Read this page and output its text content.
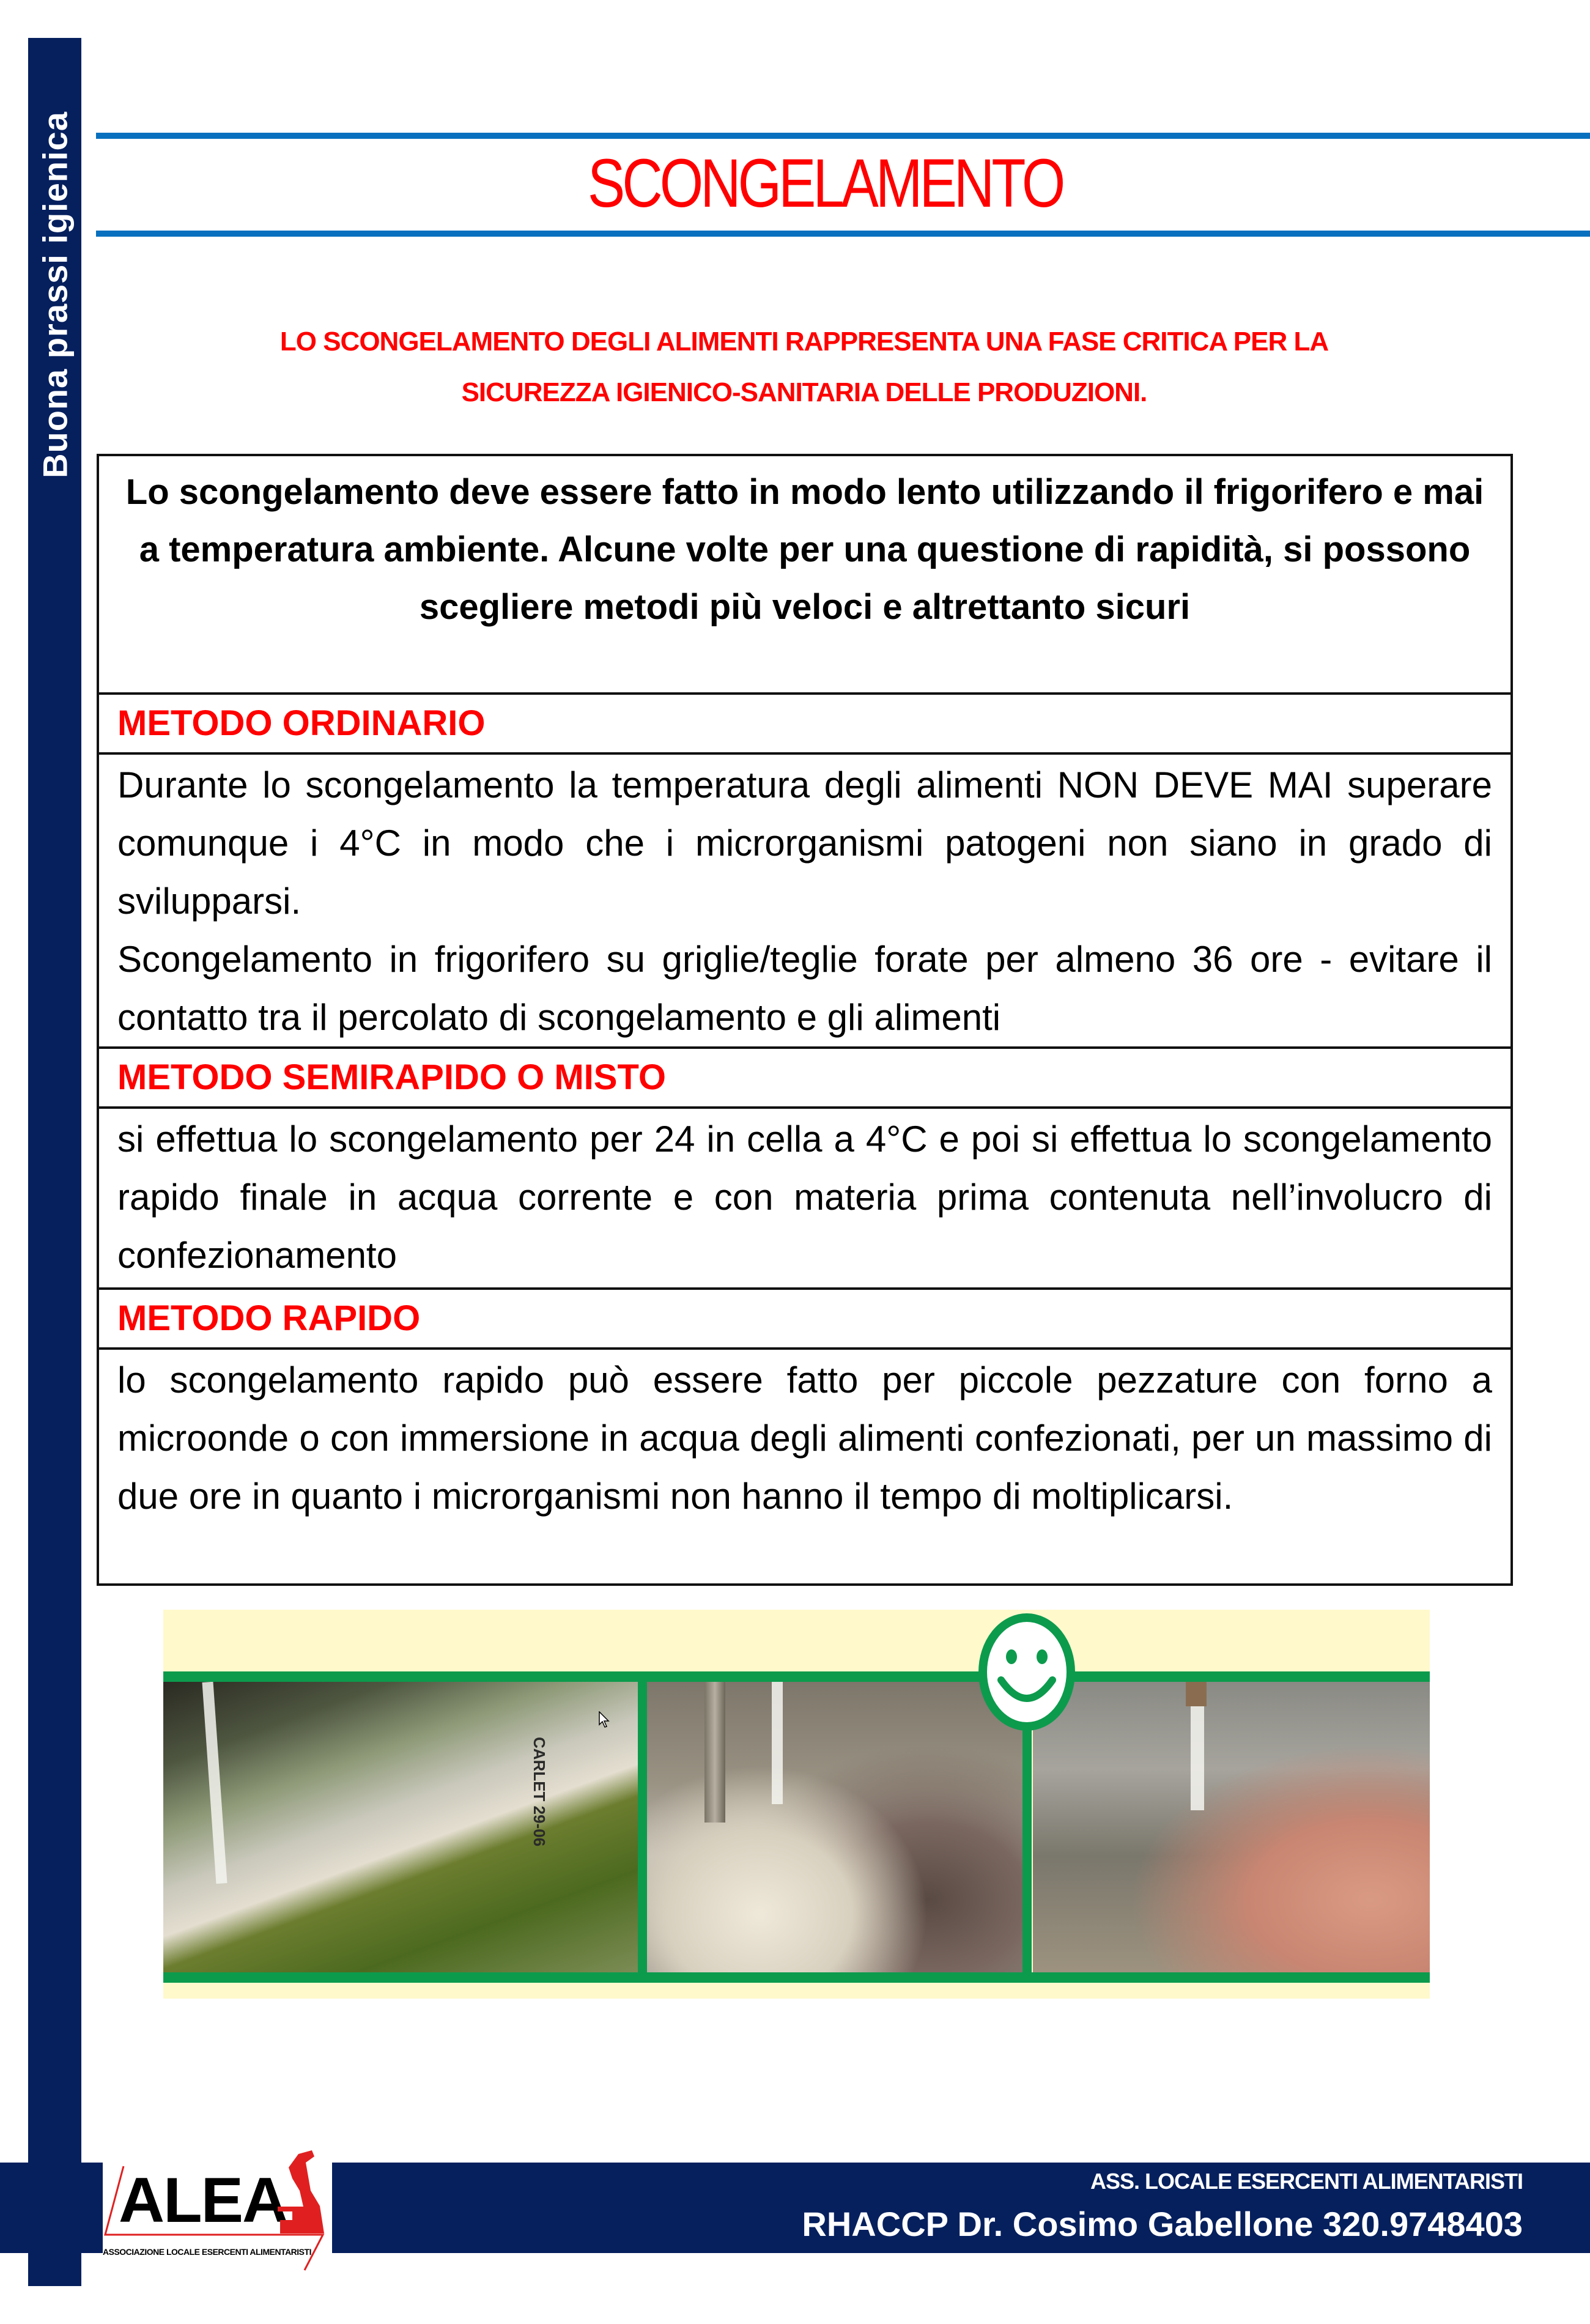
Buona prassi igienica	SCONGELAMENTO
LO SCONGELAMENTO DEGLI ALIMENTI RAPPRESENTA UNA FASE CRITICA PER LA
SICUREZZA IGIENICO-SANITARIA DELLE PRODUZIONI.
Lo scongelamento deve essere fatto in modo lento utilizzando il frigorifero e mai a temperatura ambiente. Alcune volte per una questione di rapidità, si possono scegliere metodi più veloci e altrettanto sicuri
METODO ORDINARIO

Durante lo scongelamento la temperatura degli alimenti NON DEVE MAI superare comunque i 4°C in modo che i microrganismi patogeni non siano in grado di svilupparsi.
Scongelamento in frigorifero su griglie/teglie forate per almeno 36 ore - evitare il contatto tra il percolato di scongelamento e gli alimenti

METODO SEMIRAPIDO O MISTO

si effettua lo scongelamento per 24 in cella a 4°C e poi si effettua lo scongelamento rapido finale in acqua corrente e con materia prima contenuta nell’involucro di confezionamento

METODO RAPIDO

lo scongelamento rapido può essere fatto per piccole pezzature con forno a microonde o con immersione in acqua degli alimenti confezionati, per un massimo di due ore in quanto i microrganismi non hanno il tempo di moltiplicarsi.
CARLET 29-06
ALEA
ASSOCIAZIONE LOCALE ESERCENTI ALIMENTARISTI
ASS. LOCALE ESERCENTI ALIMENTARISTI
RHACCP Dr. Cosimo Gabellone 320.9748403
